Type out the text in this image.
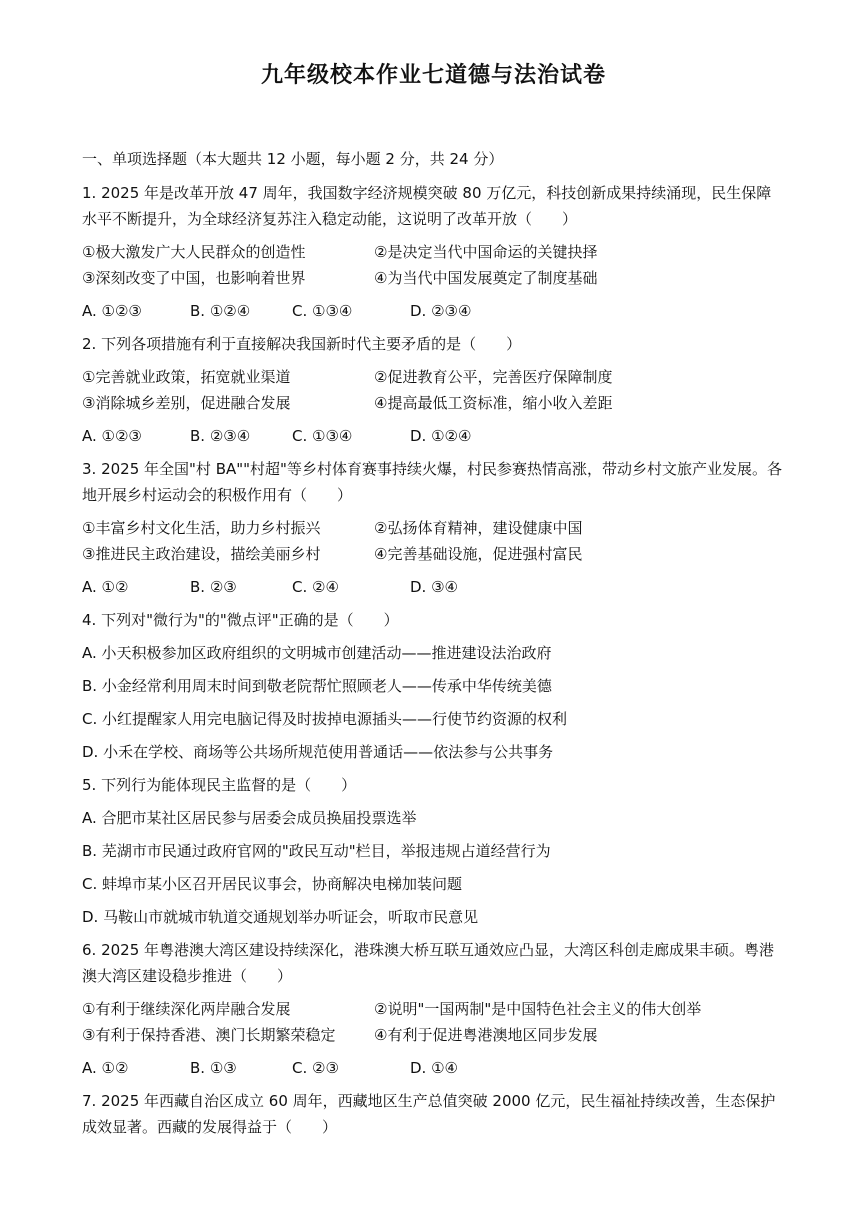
九年级校本作业七道德与法治试卷
一、单项选择题（本大题共 12 小题，每小题 2 分，共 24 分）

1. 2025 年是改革开放 47 周年，我国数字经济规模突破 80 万亿元，科技创新成果持续涌现，民生保障水平不断提升，为全球经济复苏注入稳定动能，这说明了改革开放（　　）

①极大激发广大人民群众的创造性	②是决定当代中国命运的关键抉择
③深刻改变了中国，也影响着世界	④为当代中国发展奠定了制度基础
A. ①②③	B. ①②④	C. ①③④	D. ②③④

2. 下列各项措施有利于直接解决我国新时代主要矛盾的是（　　）

①完善就业政策，拓宽就业渠道	②促进教育公平，完善医疗保障制度
③消除城乡差别，促进融合发展	④提高最低工资标准，缩小收入差距
A. ①②③	B. ②③④	C. ①③④	D. ①②④

3. 2025 年全国"村 BA""村超"等乡村体育赛事持续火爆，村民参赛热情高涨，带动乡村文旅产业发展。各地开展乡村运动会的积极作用有（　　）

①丰富乡村文化生活，助力乡村振兴	②弘扬体育精神，建设健康中国
③推进民主政治建设，描绘美丽乡村	④完善基础设施，促进强村富民
A. ①②	B. ②③	C. ②④	D. ③④

4. 下列对"微行为"的"微点评"正确的是（　　）

A. 小天积极参加区政府组织的文明城市创建活动——推进建设法治政府
B. 小金经常利用周末时间到敬老院帮忙照顾老人——传承中华传统美德
C. 小红提醒家人用完电脑记得及时拔掉电源插头——行使节约资源的权利
D. 小禾在学校、商场等公共场所规范使用普通话——依法参与公共事务

5. 下列行为能体现民主监督的是（　　）

A. 合肥市某社区居民参与居委会成员换届投票选举
B. 芜湖市市民通过政府官网的"政民互动"栏目，举报违规占道经营行为
C. 蚌埠市某小区召开居民议事会，协商解决电梯加装问题
D. 马鞍山市就城市轨道交通规划举办听证会，听取市民意见

6. 2025 年粤港澳大湾区建设持续深化，港珠澳大桥互联互通效应凸显，大湾区科创走廊成果丰硕。粤港澳大湾区建设稳步推进（　　）

①有利于继续深化两岸融合发展	②说明"一国两制"是中国特色社会主义的伟大创举
③有利于保持香港、澳门长期繁荣稳定	④有利于促进粤港澳地区同步发展
A. ①②	B. ①③	C. ②③	D. ①④

7. 2025 年西藏自治区成立 60 周年，西藏地区生产总值突破 2000 亿元，民生福祉持续改善，生态保护成效显著。西藏的发展得益于（　　）
